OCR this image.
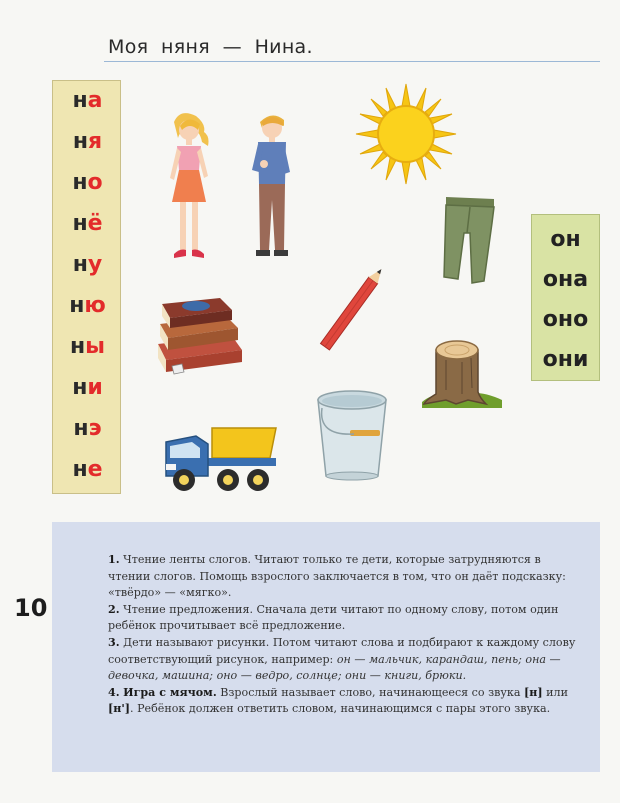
Моя  няня  —  Нина.
на
ня
но
нё
ну
ню
ны
ни
нэ
не
он
она
оно
они
10

1. Чтение ленты слогов. Читают только те дети, которые затрудняются в чтении слогов. Помощь взрослого заключается в том, что он даёт подсказку: «твёрдо» — «мягко».

2. Чтение предложения. Сначала дети читают по одному слову, потом один ребёнок прочитывает всё предложение.

3. Дети называют рисунки. Потом читают слова и подбирают к каждому слову соответствующий рисунок, например: он — мальчик, карандаш, пень; она — девочка, машина; оно — ведро, солнце; они — книги, брюки.

4. Игра с мячом. Взрослый называет слово, начинающееся со звука [н] или [н']. Ребёнок должен ответить словом, начинающимся с пары этого звука.
